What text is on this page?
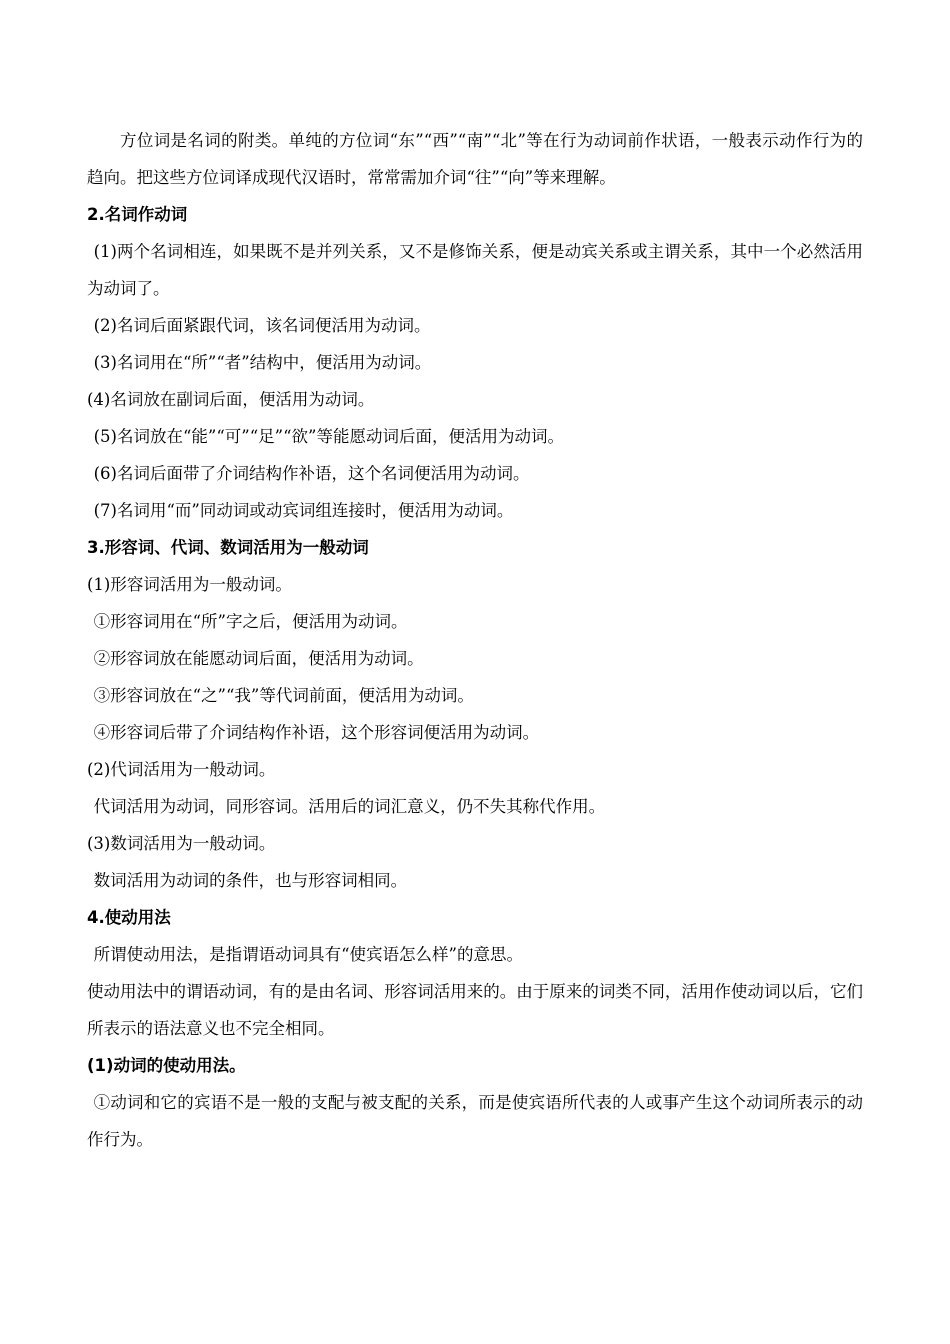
方位词是名词的附类。单纯的方位词“东”“西”“南”“北”等在行为动词前作状语，一般表示动作行为的趋向。把这些方位词译成现代汉语时，常常需加介词“往”“向”等来理解。

2.名词作动词

(1)两个名词相连，如果既不是并列关系，又不是修饰关系，便是动宾关系或主谓关系，其中一个必然活用为动词了。

(2)名词后面紧跟代词，该名词便活用为动词。

(3)名词用在“所”“者”结构中，便活用为动词。

(4)名词放在副词后面，便活用为动词。

(5)名词放在“能”“可”“足”“欲”等能愿动词后面，便活用为动词。

(6)名词后面带了介词结构作补语，这个名词便活用为动词。

(7)名词用“而”同动词或动宾词组连接时，便活用为动词。

3.形容词、代词、数词活用为一般动词

(1)形容词活用为一般动词。

①形容词用在“所”字之后，便活用为动词。

②形容词放在能愿动词后面，便活用为动词。

③形容词放在“之”“我”等代词前面，便活用为动词。

④形容词后带了介词结构作补语，这个形容词便活用为动词。

(2)代词活用为一般动词。

代词活用为动词，同形容词。活用后的词汇意义，仍不失其称代作用。

(3)数词活用为一般动词。

数词活用为动词的条件，也与形容词相同。

4.使动用法

所谓使动用法，是指谓语动词具有“使宾语怎么样”的意思。

使动用法中的谓语动词，有的是由名词、形容词活用来的。由于原来的词类不同，活用作使动词以后，它们所表示的语法意义也不完全相同。

(1)动词的使动用法。

①动词和它的宾语不是一般的支配与被支配的关系，而是使宾语所代表的人或事产生这个动词所表示的动作行为。
